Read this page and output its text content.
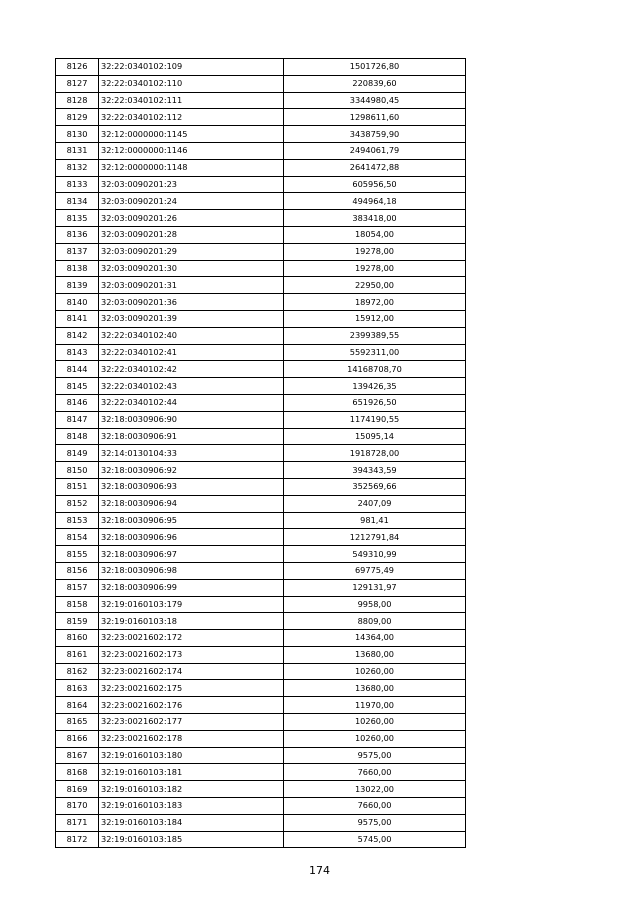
8126	32:22:0340102:109	1501726,80
8127	32:22:0340102:110	220839,60
8128	32:22:0340102:111	3344980,45
8129	32:22:0340102:112	1298611,60
8130	32:12:0000000:1145	3438759,90
8131	32:12:0000000:1146	2494061,79
8132	32:12:0000000:1148	2641472,88
8133	32:03:0090201:23	605956,50
8134	32:03:0090201:24	494964,18
8135	32:03:0090201:26	383418,00
8136	32:03:0090201:28	18054,00
8137	32:03:0090201:29	19278,00
8138	32:03:0090201:30	19278,00
8139	32:03:0090201:31	22950,00
8140	32:03:0090201:36	18972,00
8141	32:03:0090201:39	15912,00
8142	32:22:0340102:40	2399389,55
8143	32:22:0340102:41	5592311,00
8144	32:22:0340102:42	14168708,70
8145	32:22:0340102:43	139426,35
8146	32:22:0340102:44	651926,50
8147	32:18:0030906:90	1174190,55
8148	32:18:0030906:91	15095,14
8149	32:14:0130104:33	1918728,00
8150	32:18:0030906:92	394343,59
8151	32:18:0030906:93	352569,66
8152	32:18:0030906:94	2407,09
8153	32:18:0030906:95	981,41
8154	32:18:0030906:96	1212791,84
8155	32:18:0030906:97	549310,99
8156	32:18:0030906:98	69775,49
8157	32:18:0030906:99	129131,97
8158	32:19:0160103:179	9958,00
8159	32:19:0160103:18	8809,00
8160	32:23:0021602:172	14364,00
8161	32:23:0021602:173	13680,00
8162	32:23:0021602:174	10260,00
8163	32:23:0021602:175	13680,00
8164	32:23:0021602:176	11970,00
8165	32:23:0021602:177	10260,00
8166	32:23:0021602:178	10260,00
8167	32:19:0160103:180	9575,00
8168	32:19:0160103:181	7660,00
8169	32:19:0160103:182	13022,00
8170	32:19:0160103:183	7660,00
8171	32:19:0160103:184	9575,00
8172	32:19:0160103:185	5745,00
174
